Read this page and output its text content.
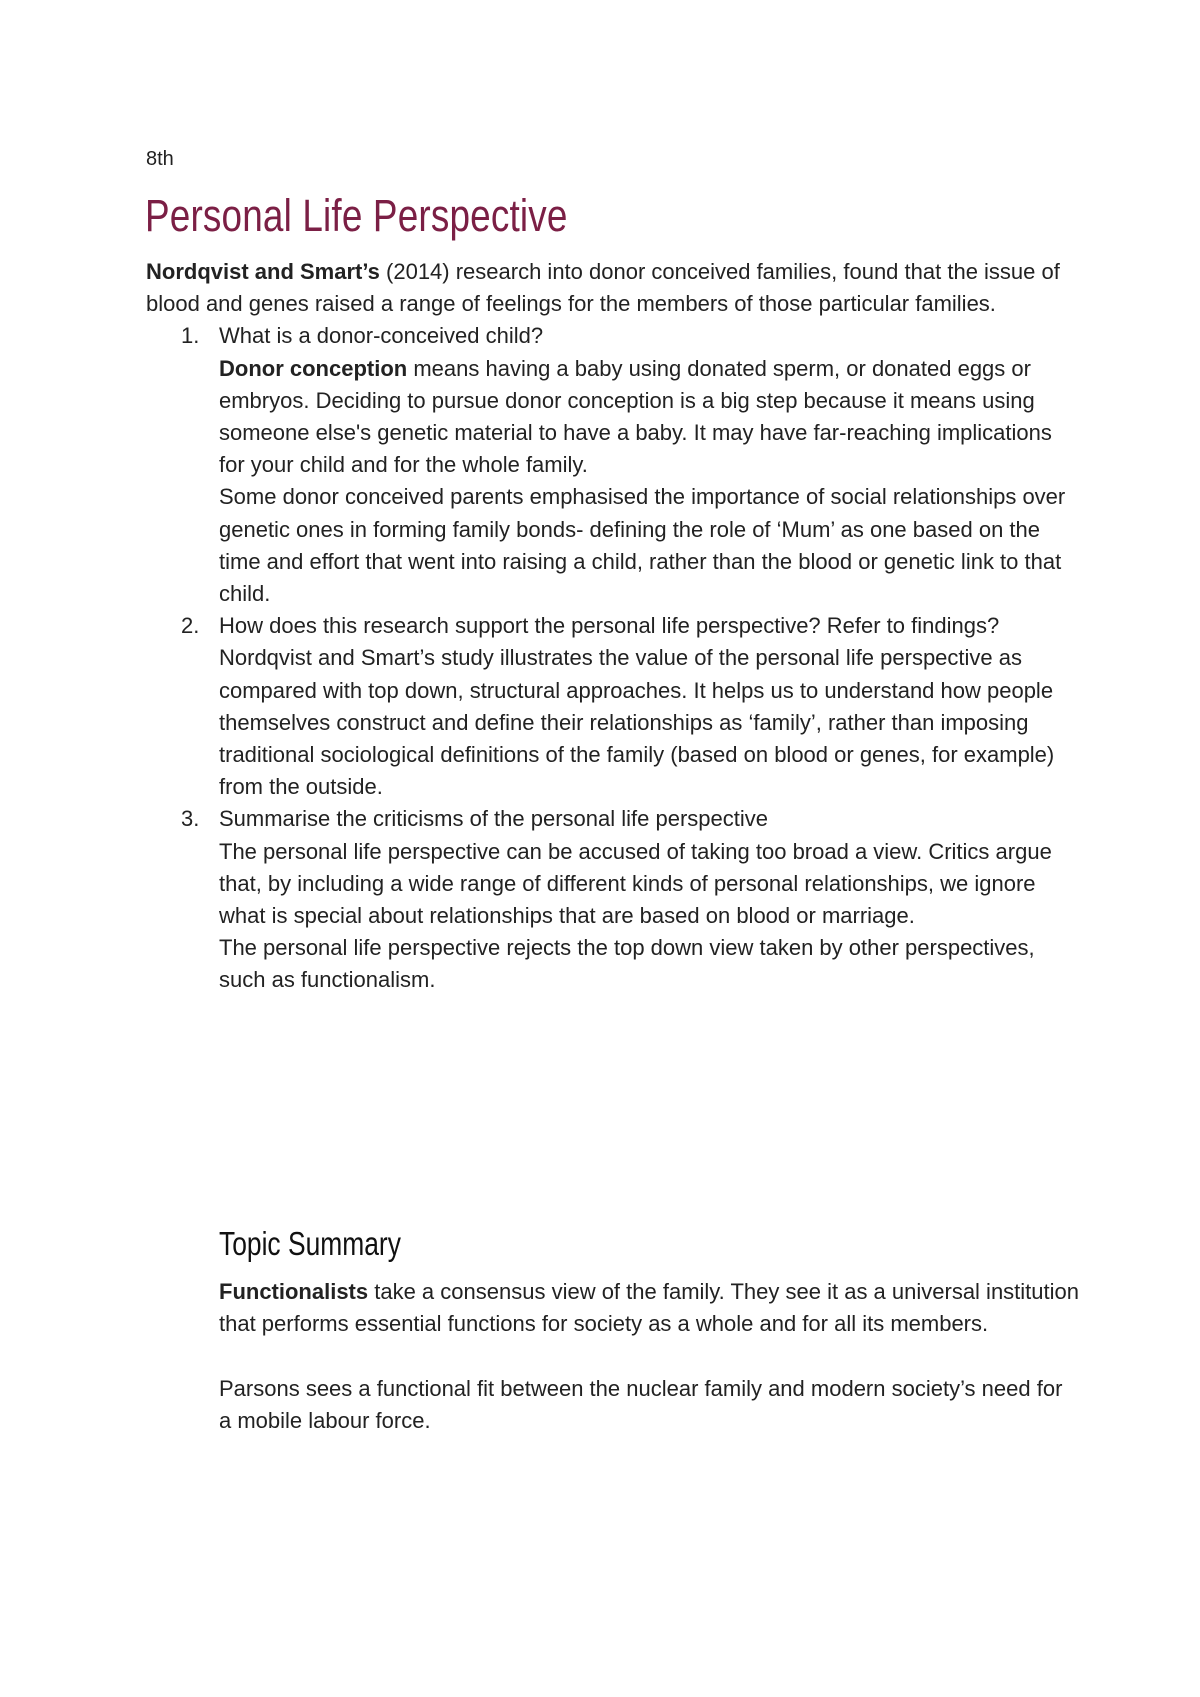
8th
Personal Life Perspective

Nordqvist and Smart’s (2014) research into donor conceived families, found that the issue of blood and genes raised a range of feelings for the members of those particular families.

1. What is a donor-conceived child?
Donor conception means having a baby using donated sperm, or donated eggs or embryos. Deciding to pursue donor conception is a big step because it means using someone else's genetic material to have a baby. It may have far-reaching implications for your child and for the whole family.
Some donor conceived parents emphasised the importance of social relationships over genetic ones in forming family bonds- defining the role of ‘Mum’ as one based on the time and effort that went into raising a child, rather than the blood or genetic link to that child.
2. How does this research support the personal life perspective? Refer to findings?
Nordqvist and Smart’s study illustrates the value of the personal life perspective as compared with top down, structural approaches. It helps us to understand how people themselves construct and define their relationships as ‘family’, rather than imposing traditional sociological definitions of the family (based on blood or genes, for example) from the outside.
3. Summarise the criticisms of the personal life perspective
The personal life perspective can be accused of taking too broad a view. Critics argue that, by including a wide range of different kinds of personal relationships, we ignore what is special about relationships that are based on blood or marriage.
The personal life perspective rejects the top down view taken by other perspectives, such as functionalism.
Topic Summary

Functionalists take a consensus view of the family. They see it as a universal institution that performs essential functions for society as a whole and for all its members.

Parsons sees a functional fit between the nuclear family and modern society’s need for a mobile labour force.
